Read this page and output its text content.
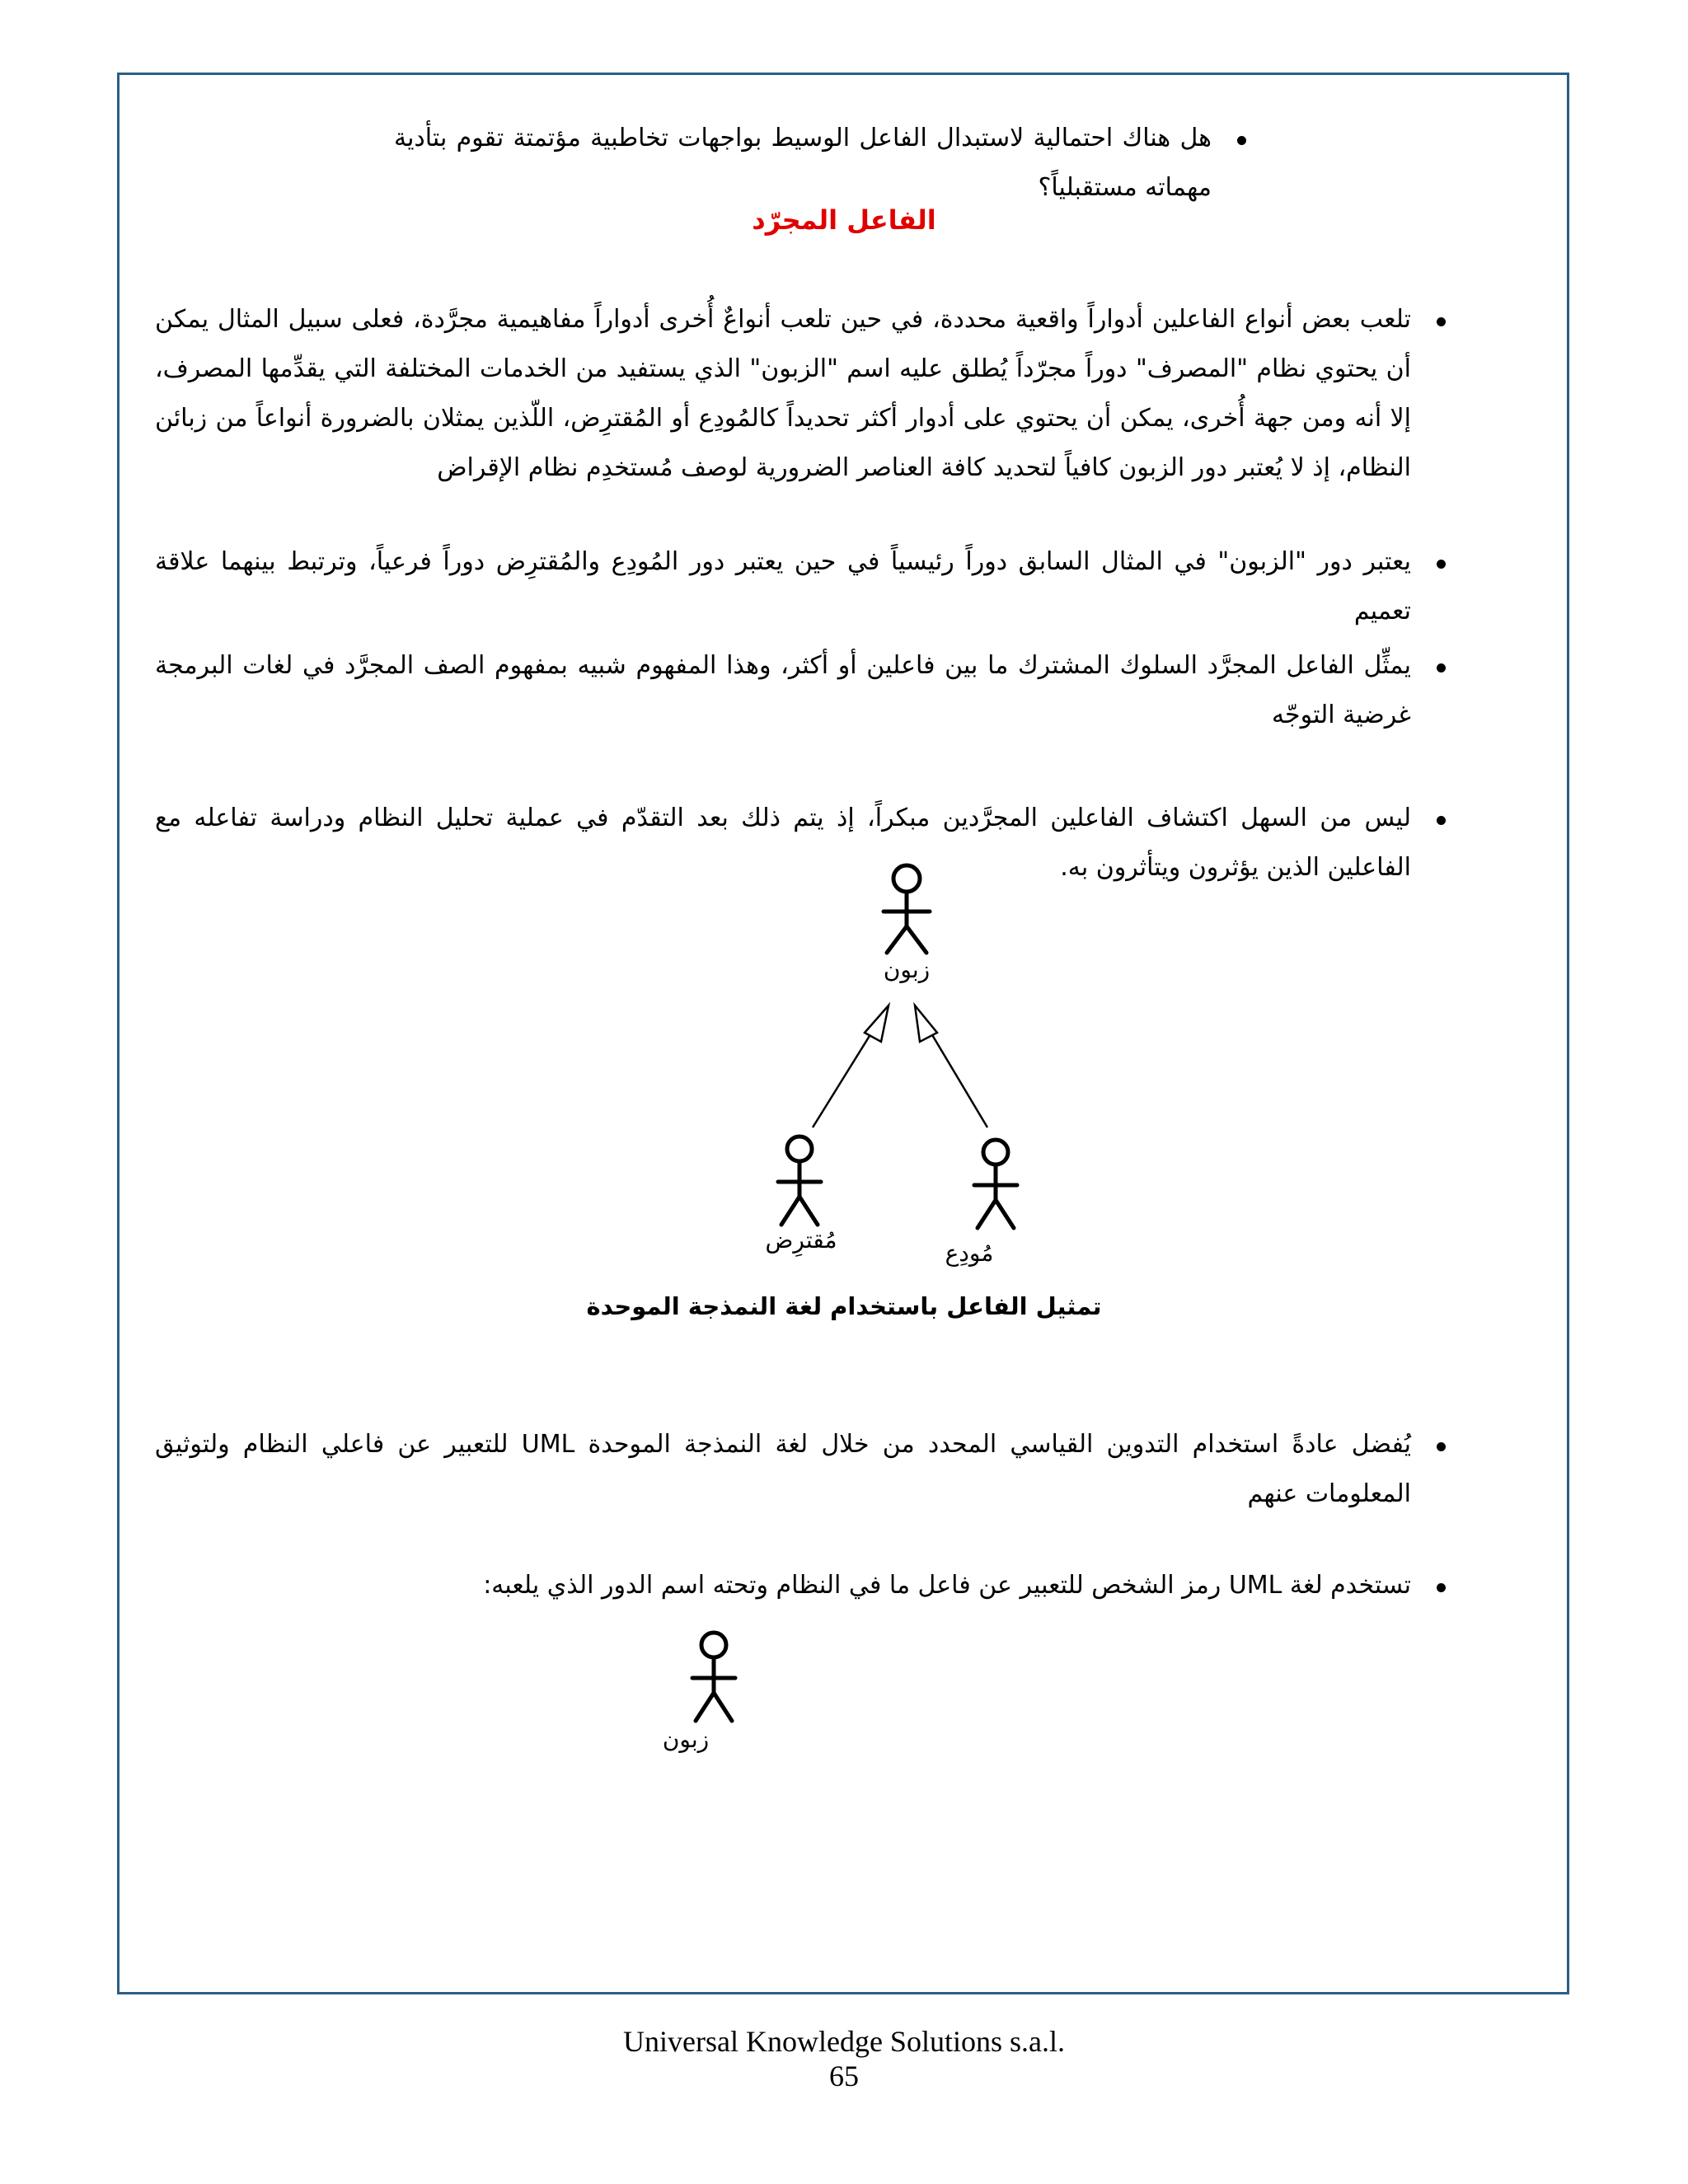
هل هناك احتمالية لاستبدال الفاعل الوسيط بواجهات تخاطبية مؤتمتة تقوم بتأدية مهماته مستقبلياً؟
الفاعل المجرّد
تلعب بعض أنواع الفاعلين أدواراً واقعية محددة، في حين تلعب أنواعٌ أُخرى أدواراً مفاهيمية مجرَّدة، فعلى سبيل المثال يمكن أن يحتوي نظام "المصرف" دوراً مجرّداً يُطلق عليه اسم "الزبون" الذي يستفيد من الخدمات المختلفة التي يقدِّمها المصرف، إلا أنه ومن جهة أُخرى، يمكن أن يحتوي على أدوار أكثر تحديداً كالمُودِع أو المُقترِض، اللّذين يمثلان بالضرورة أنواعاً من زبائن النظام، إذ لا يُعتبر دور الزبون كافياً لتحديد كافة العناصر الضرورية لوصف مُستخدِم نظام الإقراض
يعتبر دور "الزبون" في المثال السابق دوراً رئيسياً في حين يعتبر دور المُودِع والمُقترِض دوراً فرعياً، وترتبط بينهما علاقة تعميم
يمثِّل الفاعل المجرَّد السلوك المشترك ما بين فاعلين أو أكثر، وهذا المفهوم شبيه بمفهوم الصف المجرَّد في لغات البرمجة غرضية التوجّه
ليس من السهل اكتشاف الفاعلين المجرَّدين مبكراً، إذ يتم ذلك بعد التقدّم في عملية تحليل النظام ودراسة تفاعله مع الفاعلين الذين يؤثرون ويتأثرون به.
زبون
مُقترِض	مُودِع
تمثيل الفاعل باستخدام لغة النمذجة الموحدة
يُفضل عادةً استخدام التدوين القياسي المحدد من خلال لغة النمذجة الموحدة UML للتعبير عن فاعلي النظام ولتوثيق المعلومات عنهم
تستخدم لغة UML رمز الشخص للتعبير عن فاعل ما في النظام وتحته اسم الدور الذي يلعبه:
زبون
Universal Knowledge Solutions s.a.l.
65
